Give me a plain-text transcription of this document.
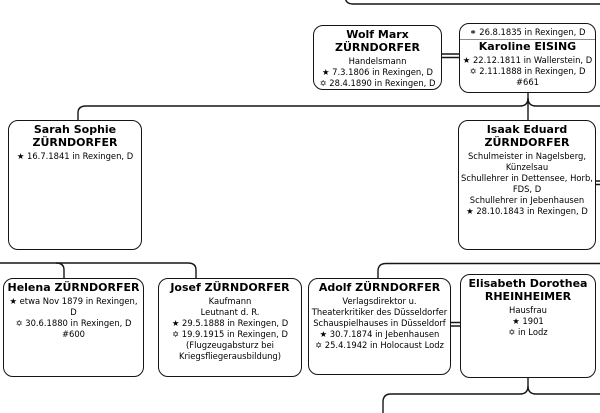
Wolf Marx ZÜRNDORFER
Handelsmann
★ 7.3.1806 in Rexingen, D
✡ 28.4.1890 in Rexingen, D
⚭ 26.8.1835 in Rexingen, D
Karoline EISING
★ 22.12.1811 in Wallerstein, D
✡ 2.11.1888 in Rexingen, D
#661
Sarah Sophie ZÜRNDORFER
★ 16.7.1841 in Rexingen, D
Isaak Eduard ZÜRNDORFER
Schulmeister in Nagelsberg, Künzelsau
Schullehrer in Dettensee, Horb, FDS, D
Schullehrer in Jebenhausen
★ 28.10.1843 in Rexingen, D
Helena ZÜRNDORFER
★ etwa Nov 1879 in Rexingen, D
✡ 30.6.1880 in Rexingen, D
#600
Josef ZÜRNDORFER
Kaufmann
Leutnant d. R.
★ 29.5.1888 in Rexingen, D
✡ 19.9.1915 in Rexingen, D
(Flugzeugabsturz bei Kriegsfliegerausbildung)
Adolf ZÜRNDORFER
Verlagsdirektor u. Theaterkritiker des Düsseldorfer Schauspielhauses in Düsseldorf
★ 30.7.1874 in Jebenhausen
✡ 25.4.1942 in Holocaust Lodz
Elisabeth Dorothea RHEINHEIMER
Hausfrau
★ 1901
✡ in Lodz
